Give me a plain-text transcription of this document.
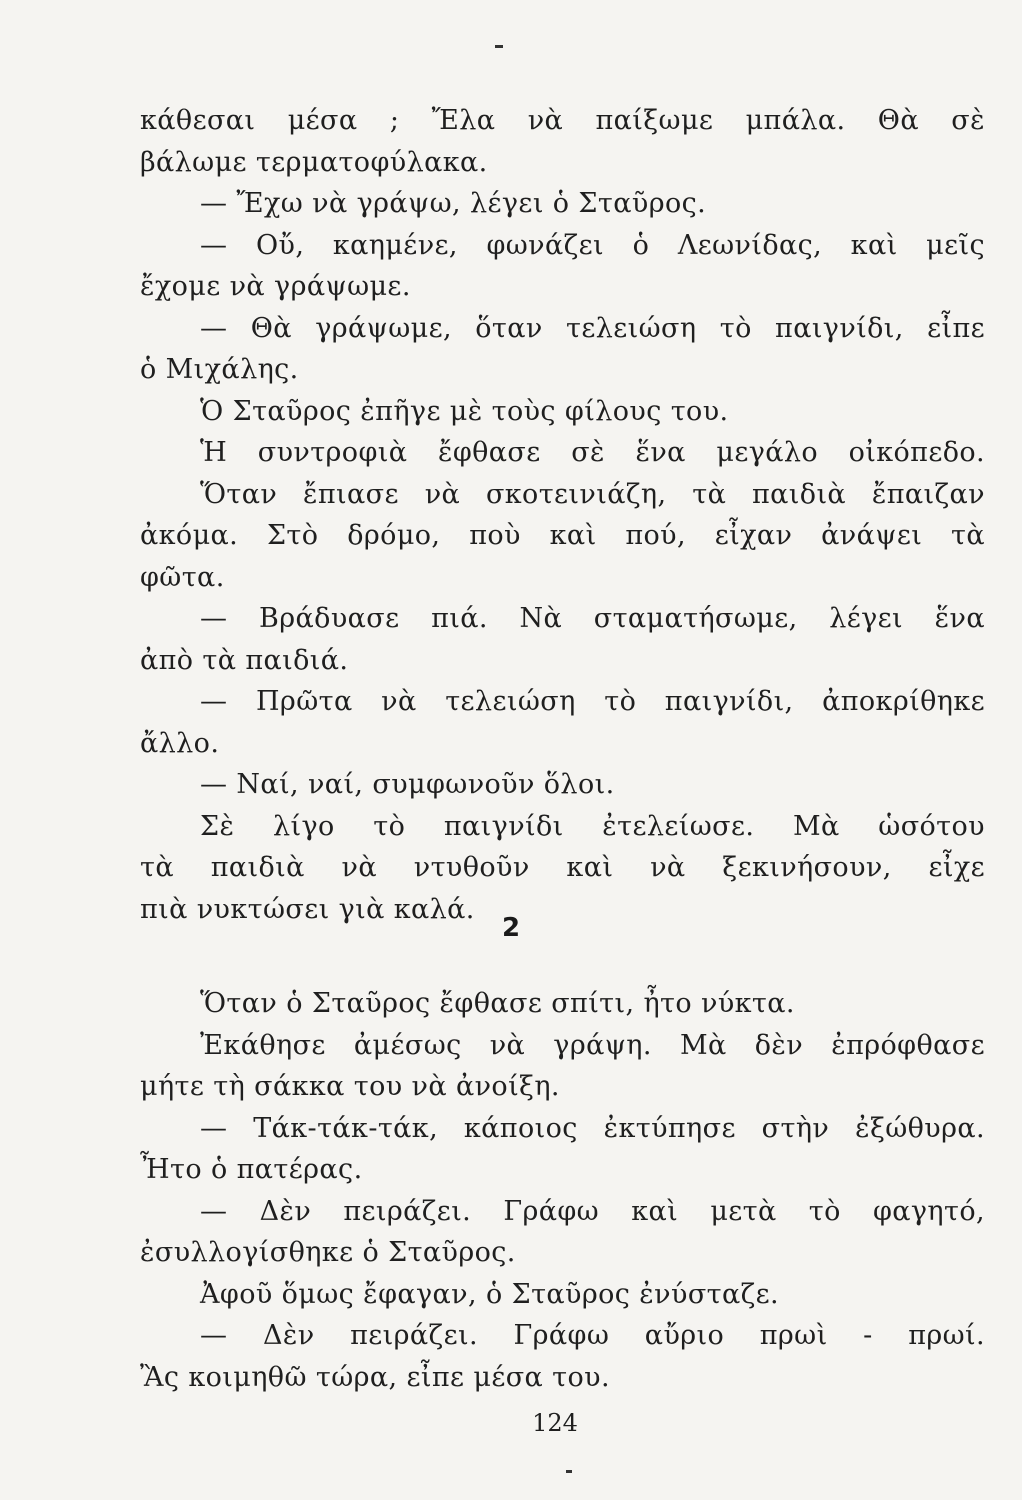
κάθεσαι μέσα ; Ἔλα νὰ παίξωμε μπάλα. Θὰ σὲ
βάλωμε τερματοφύλακα.
— Ἔχω νὰ γράψω, λέγει ὁ Σταῦρος.
— Οὔ, καημένε, φωνάζει ὁ Λεωνίδας, καὶ μεῖς
ἔχομε νὰ γράψωμε.
— Θὰ γράψωμε, ὅταν τελειώση τὸ παιγνίδι, εἶπε
ὁ Μιχάλης.
Ὁ Σταῦρος ἐπῆγε μὲ τοὺς φίλους του.
Ἡ συντροφιὰ ἔφθασε σὲ ἕνα μεγάλο οἰκόπεδο.
Ὅταν ἔπιασε νὰ σκοτεινιάζη, τὰ παιδιὰ ἔπαιζαν
ἀκόμα. Στὸ δρόμο, ποὺ καὶ πού, εἶχαν ἀνάψει τὰ
φῶτα.
— Βράδυασε πιά. Νὰ σταματήσωμε, λέγει ἕνα
ἀπὸ τὰ παιδιά.
— Πρῶτα νὰ τελειώση τὸ παιγνίδι, ἀποκρίθηκε
ἄλλο.
— Ναί, ναί, συμφωνοῦν ὅλοι.
Σὲ λίγο τὸ παιγνίδι ἐτελείωσε. Μὰ ὡσότου
τὰ παιδιὰ νὰ ντυθοῦν καὶ νὰ ξεκινήσουν, εἶχε
πιὰ νυκτώσει γιὰ καλά.
2
Ὅταν ὁ Σταῦρος ἔφθασε σπίτι, ἦτο νύκτα.
Ἐκάθησε ἀμέσως νὰ γράψη. Μὰ δὲν ἐπρόφθασε
μήτε τὴ σάκκα του νὰ ἀνοίξη.
— Τάκ-τάκ-τάκ, κάποιος ἐκτύπησε στὴν ἐξώθυρα.
Ἦτο ὁ πατέρας.
— Δὲν πειράζει. Γράφω καὶ μετὰ τὸ φαγητό,
ἐσυλλογίσθηκε ὁ Σταῦρος.
Ἀφοῦ ὅμως ἔφαγαν, ὁ Σταῦρος ἐνύσταζε.
— Δὲν πειράζει. Γράφω αὔριο πρωὶ - πρωί.
Ἂς κοιμηθῶ τώρα, εἶπε μέσα του.
124
